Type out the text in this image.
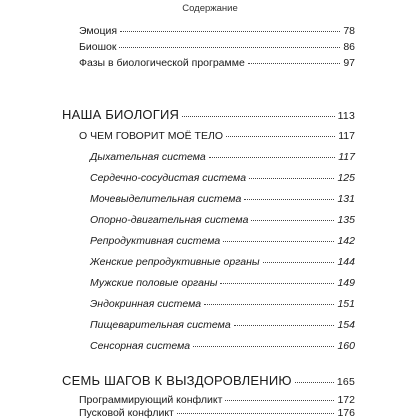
Содержание
Эмоция	78
Биошок	86
Фазы в биологической программе	97
НАША БИОЛОГИЯ	113
О ЧЕМ ГОВОРИТ МОЁ ТЕЛО	117
Дыхательная система	117
Сердечно-сосудистая система	125
Мочевыделительная система	131
Опорно-двигательная система	135
Репродуктивная система	142
Женские репродуктивные органы	144
Мужские половые органы	149
Эндокринная система	151
Пищеварительная система	154
Сенсорная система	160
СЕМЬ ШАГОВ К ВЫЗДОРОВЛЕНИЮ	165
Программирующий конфликт	172
Пусковой конфликт	176
